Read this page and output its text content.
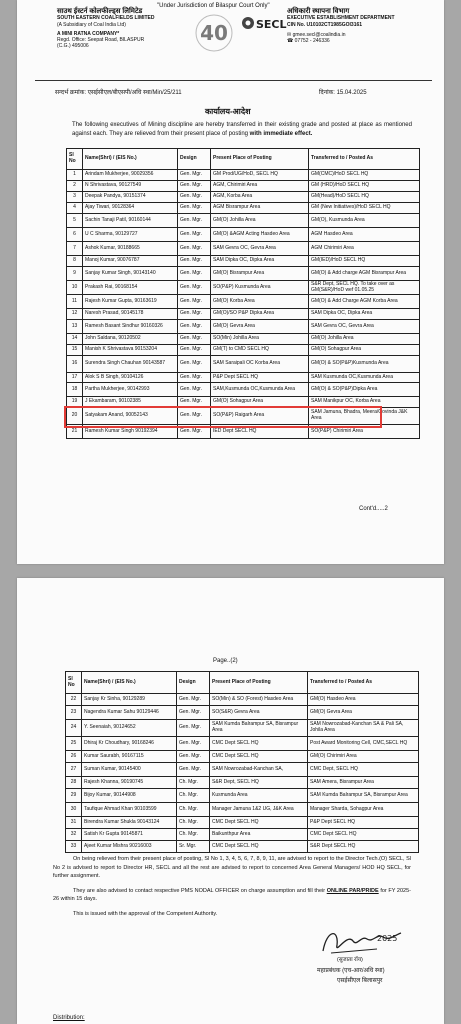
"Under Jurisdiction of Bilaspur Court Only"
साउथ ईस्टर्न कोलफील्ड्स लिमिटेड
SOUTH EASTERN COALFIELDS LIMITED
(A Subsidiary of Coal India Ltd)
A MINI RATNA COMPANY*
Regd. Office: Seepat Road, BILASPUR
(C.G.) 495006
40	SECL
अधिकारी स्थापना विभाग
EXECUTIVE ESTABLISHMENT DEPARTMENT
CIN No. U10102CT1985GOI3161
✉ gmee.secl@coalindia.in
☎ 07752 - 246336
सन्दर्भ क्रमांक: एसईसीएल/बीएसपी/अधि स्था/Min/25/211	दिनांक: 15.04.2025
कार्यालय-आदेश
The following executives of Mining discipline are hereby transferred in their existing grade and posted at place as mentioned against each. They are relieved from their present place of posting with immediate effect.
Sl No	Name(Shri) / (EIS No.)	Design	Present Place of Posting	Transferred to / Posted As
1	Arindam Mukherjee, 90029356	Gen. Mgr.	GM Prod/UG/HoD, SECL HQ	GM(CMC)/HoD SECL HQ
2	N Shrivastava, 90127549	Gen. Mgr.	AGM, Chirimiri Area	GM (HRD)/HoD SECL HQ
3	Deepak Pandya, 90151374	Gen. Mgr.	AGM, Korba Area	GM(Head)/HoD SECL HQ
4	Ajay Tiwari, 90128364	Gen. Mgr.	AGM Bisrampur Area	GM (New Initiatives)/HoD SECL HQ
5	Sachin Tanaji Patil, 90160144	Gen. Mgr.	GM(O) Johilla Area	GM(O), Kusmunda Area
6	U C Sharma, 90129727	Gen. Mgr.	GM(O) &AGM Acting Hasdeo Area	AGM Hasdeo Area
7	Ashok Kumar, 90188665	Gen. Mgr.	SAM Gevra OC, Gevra Area	AGM Chirimiri Area
8	Manoj Kumar, 90076787	Gen. Mgr.	SAM Dipka OC, Dipka Area	GM(IED)/HoD SECL HQ
9	Sanjay Kumar Singh, 90143140	Gen. Mgr.	GM(O) Bisrampur Area	GM(O) & Add charge AGM Bisrampur Area
10	Prakash Rai, 90168154	Gen. Mgr.	SO(P&P) Kusmunda Area	S&R Dept, SECL HQ. To take over as GM(S&R)/HoD wef 01.05.25
11	Rajesh Kumar Gupta, 90163619	Gen. Mgr.	GM(O) Korba Area	GM(O) & Add Charge AGM Korba Area
12	Naresh Prasad, 90145178	Gen. Mgr.	GM(O)/SO P&P Dipka Area	SAM Dipka OC, Dipka Area
13	Ramesh Basant Sindhur 90160326	Gen. Mgr.	GM(O) Gevra Area	SAM Gevra OC, Gevra Area
14	John Saldana, 90120502	Gen. Mgr.	SO(Min) Johilla Area	GM(O) Johilla Area
15	Manish K Shrivastava 90153204	Gen. Mgr.	GM(T) to CMD SECL HQ	GM(O) Sohagpur Area
16	Surendra Singh Chauhan 90143587	Gen. Mgr.	SAM Saraipali OC Korba Area	GM(O) & SO(P&P)Kusmunda Area
17	Alok S B Singh, 90104126	Gen. Mgr.	P&P Dept SECL HQ	SAM Kusmunda OC,Kusmunda Area
18	Partha Mukherjee, 90142993	Gen. Mgr.	SAM,Kusmunda OC,Kusmunda Area	GM(O) & SO(P&P)Dipka Area
19	J Ekambaram, 90102385	Gen. Mgr.	GM(O) Sohagpur Area	SAM Manikpur OC, Korba Area
20	Satyakam Anand, 90052143	Gen. Mgr.	SO(P&P) Raigarh Area	SAM Jamuna, Bhadra, Meera/Govinda J&K Area
21	Ramesh Kumar Singh 90192394	Gen. Mgr.	IED Dept SECL HQ	SO(P&P) Chirimiri Area
Cont'd.....2
Page..(2)
Sl No	Name(Shri) / (EIS No.)	Design	Present Place of Posting	Transferred to / Posted As
22	Sanjay Kr Sinha, 90129289	Gen. Mgr.	SO(Min) & SO (Forest) Hasdeo Area	GM(O) Hasdeo Area
23	Nagendra Kumar Sahu 90129446	Gen. Mgr.	SO(S&R) Gevra Area	GM(O) Gevra Area
24	Y. Seenaiah, 90124652	Gen. Mgr.	SAM Kumda Balrampur SA, Bisrampur Area	SAM Nowrozabad-Kanchan SA & Pali SA, Johila Area
25	Dhiraj Kr Choudhary, 90168246	Gen. Mgr.	CMC Dept SECL HQ	Post Award Monitoring Cell, CMC,SECL HQ
26	Kumar Saurabh, 90167115	Gen. Mgr.	CMC Dept SECL HQ	GM(O) Chirimiri Area
27	Suman Kumar, 90145400	Gen. Mgr.	SAM Nowrozabad-Kanchan SA,	CMC Dept, SECL HQ
28	Rajesh Khanna, 90190745	Ch. Mgr.	S&R Dept, SECL HQ	SAM Amera, Bisrampur Area
29	Bijoy Kumar, 90144908	Ch. Mgr.	Kusmunda Area	SAM Kumda Balrampur SA, Bisrampur Area
30	Taufique Ahmad Khan 90103599	Ch. Mgr.	Manager Jamuna 1&2 UG, J&K Area	Manager Sharda, Sohagpur Area
31	Birendra Kumar Shukla 90143124	Ch. Mgr.	CMC Dept SECL HQ	P&P Dept SECL HQ
32	Satish Kr Gupta 90145871	Ch. Mgr.	Baikunthpur Area	CMC Dept SECL HQ
33	Ajeet Kumar Mishra 90216003	Sr. Mgr.	CMC Dept SECL HQ	S&R Dept SECL HQ

On being relieved from their present place of posting, Sl No 1, 3, 4, 5, 6, 7, 8, 9, 11, are advised to report to the Director Tech.(O) SECL, Sl No 2 is advised to report to Director HR, SECL and all the rest are advised to report to concerned Area General Managers/ HOD HQ SECL, for further assignment.

They are also advised to contact respective PMS NODAL OFFICER on charge assumption and fill their ONLINE PAR/PRIDE for FY 2025-26 within 15 days.

This is issued with the approval of the Competent Authority.

2025
(सुजाता रॉय)
महाप्रबंधक (एच-आर/अधि स्था)
एसईसीएल बिलासपुर
Distribution:
